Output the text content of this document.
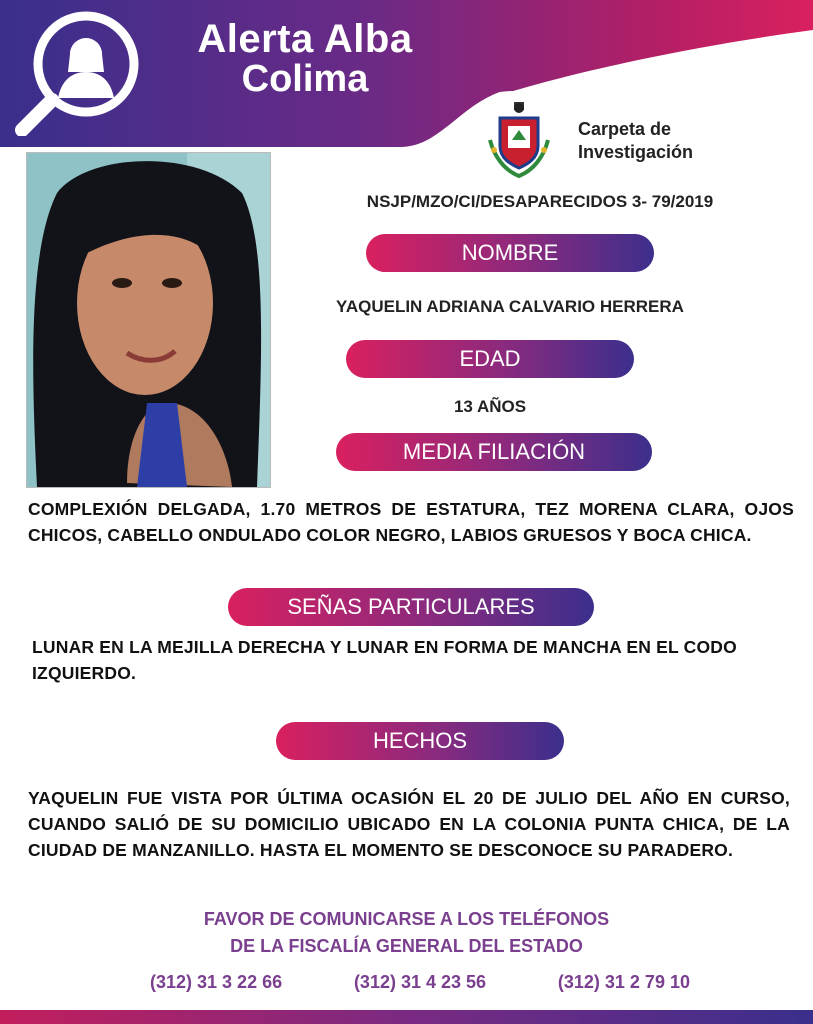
Alerta Alba
Colima
Carpeta de
Investigación
NSJP/MZO/CI/DESAPARECIDOS 3- 79/2019
NOMBRE
YAQUELIN ADRIANA CALVARIO HERRERA
EDAD
13 AÑOS
MEDIA FILIACIÓN
COMPLEXIÓN DELGADA, 1.70 METROS DE ESTATURA, TEZ MORENA CLARA, OJOS CHICOS, CABELLO ONDULADO COLOR NEGRO, LABIOS GRUESOS Y BOCA CHICA.
SEÑAS PARTICULARES
LUNAR EN LA MEJILLA DERECHA Y LUNAR EN FORMA DE MANCHA EN EL CODO IZQUIERDO.
HECHOS
YAQUELIN FUE VISTA POR ÚLTIMA OCASIÓN EL 20 DE JULIO DEL AÑO EN CURSO, CUANDO SALIÓ DE SU DOMICILIO UBICADO EN LA COLONIA PUNTA CHICA, DE LA CIUDAD DE MANZANILLO. HASTA EL MOMENTO SE DESCONOCE SU PARADERO.
FAVOR DE COMUNICARSE A LOS TELÉFONOS
DE LA FISCALÍA GENERAL DEL ESTADO
(312) 31 3 22 66	(312) 31 4 23 56	(312) 31 2 79 10
